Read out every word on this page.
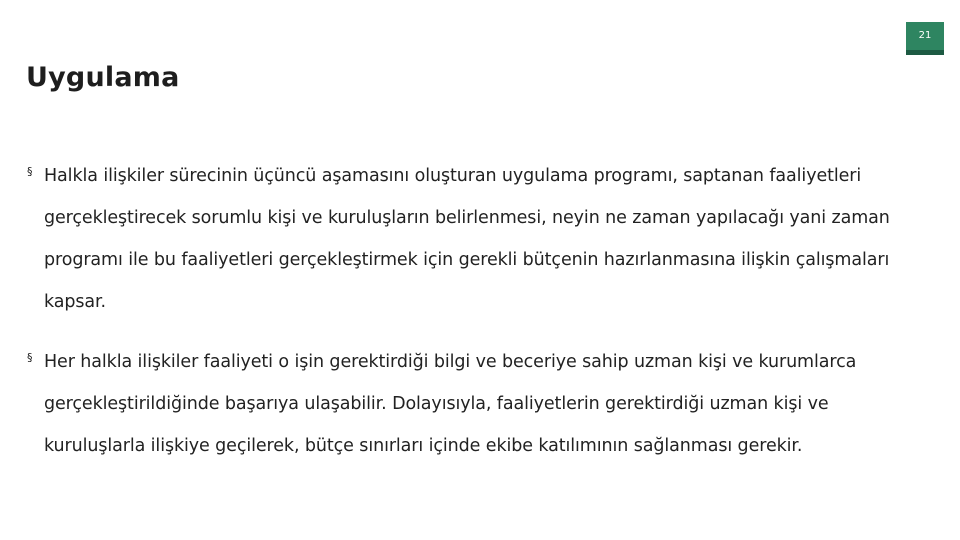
21
Uygulama
§ Halkla ilişkiler sürecinin üçüncü aşamasını oluşturan uygulama programı, saptanan faaliyetleri gerçekleştirecek sorumlu kişi ve kuruluşların belirlenmesi, neyin ne zaman yapılacağı yani zaman programı ile bu faaliyetleri gerçekleştirmek için gerekli bütçenin hazırlanmasına ilişkin çalışmaları kapsar.
§ Her halkla ilişkiler faaliyeti o işin gerektirdiği bilgi ve beceriye sahip uzman kişi ve kurumlarca gerçekleştirildiğinde başarıya ulaşabilir. Dolayısıyla, faaliyetlerin gerektirdiği uzman kişi ve kuruluşlarla ilişkiye geçilerek, bütçe sınırları içinde ekibe katılımının sağlanması gerekir.
